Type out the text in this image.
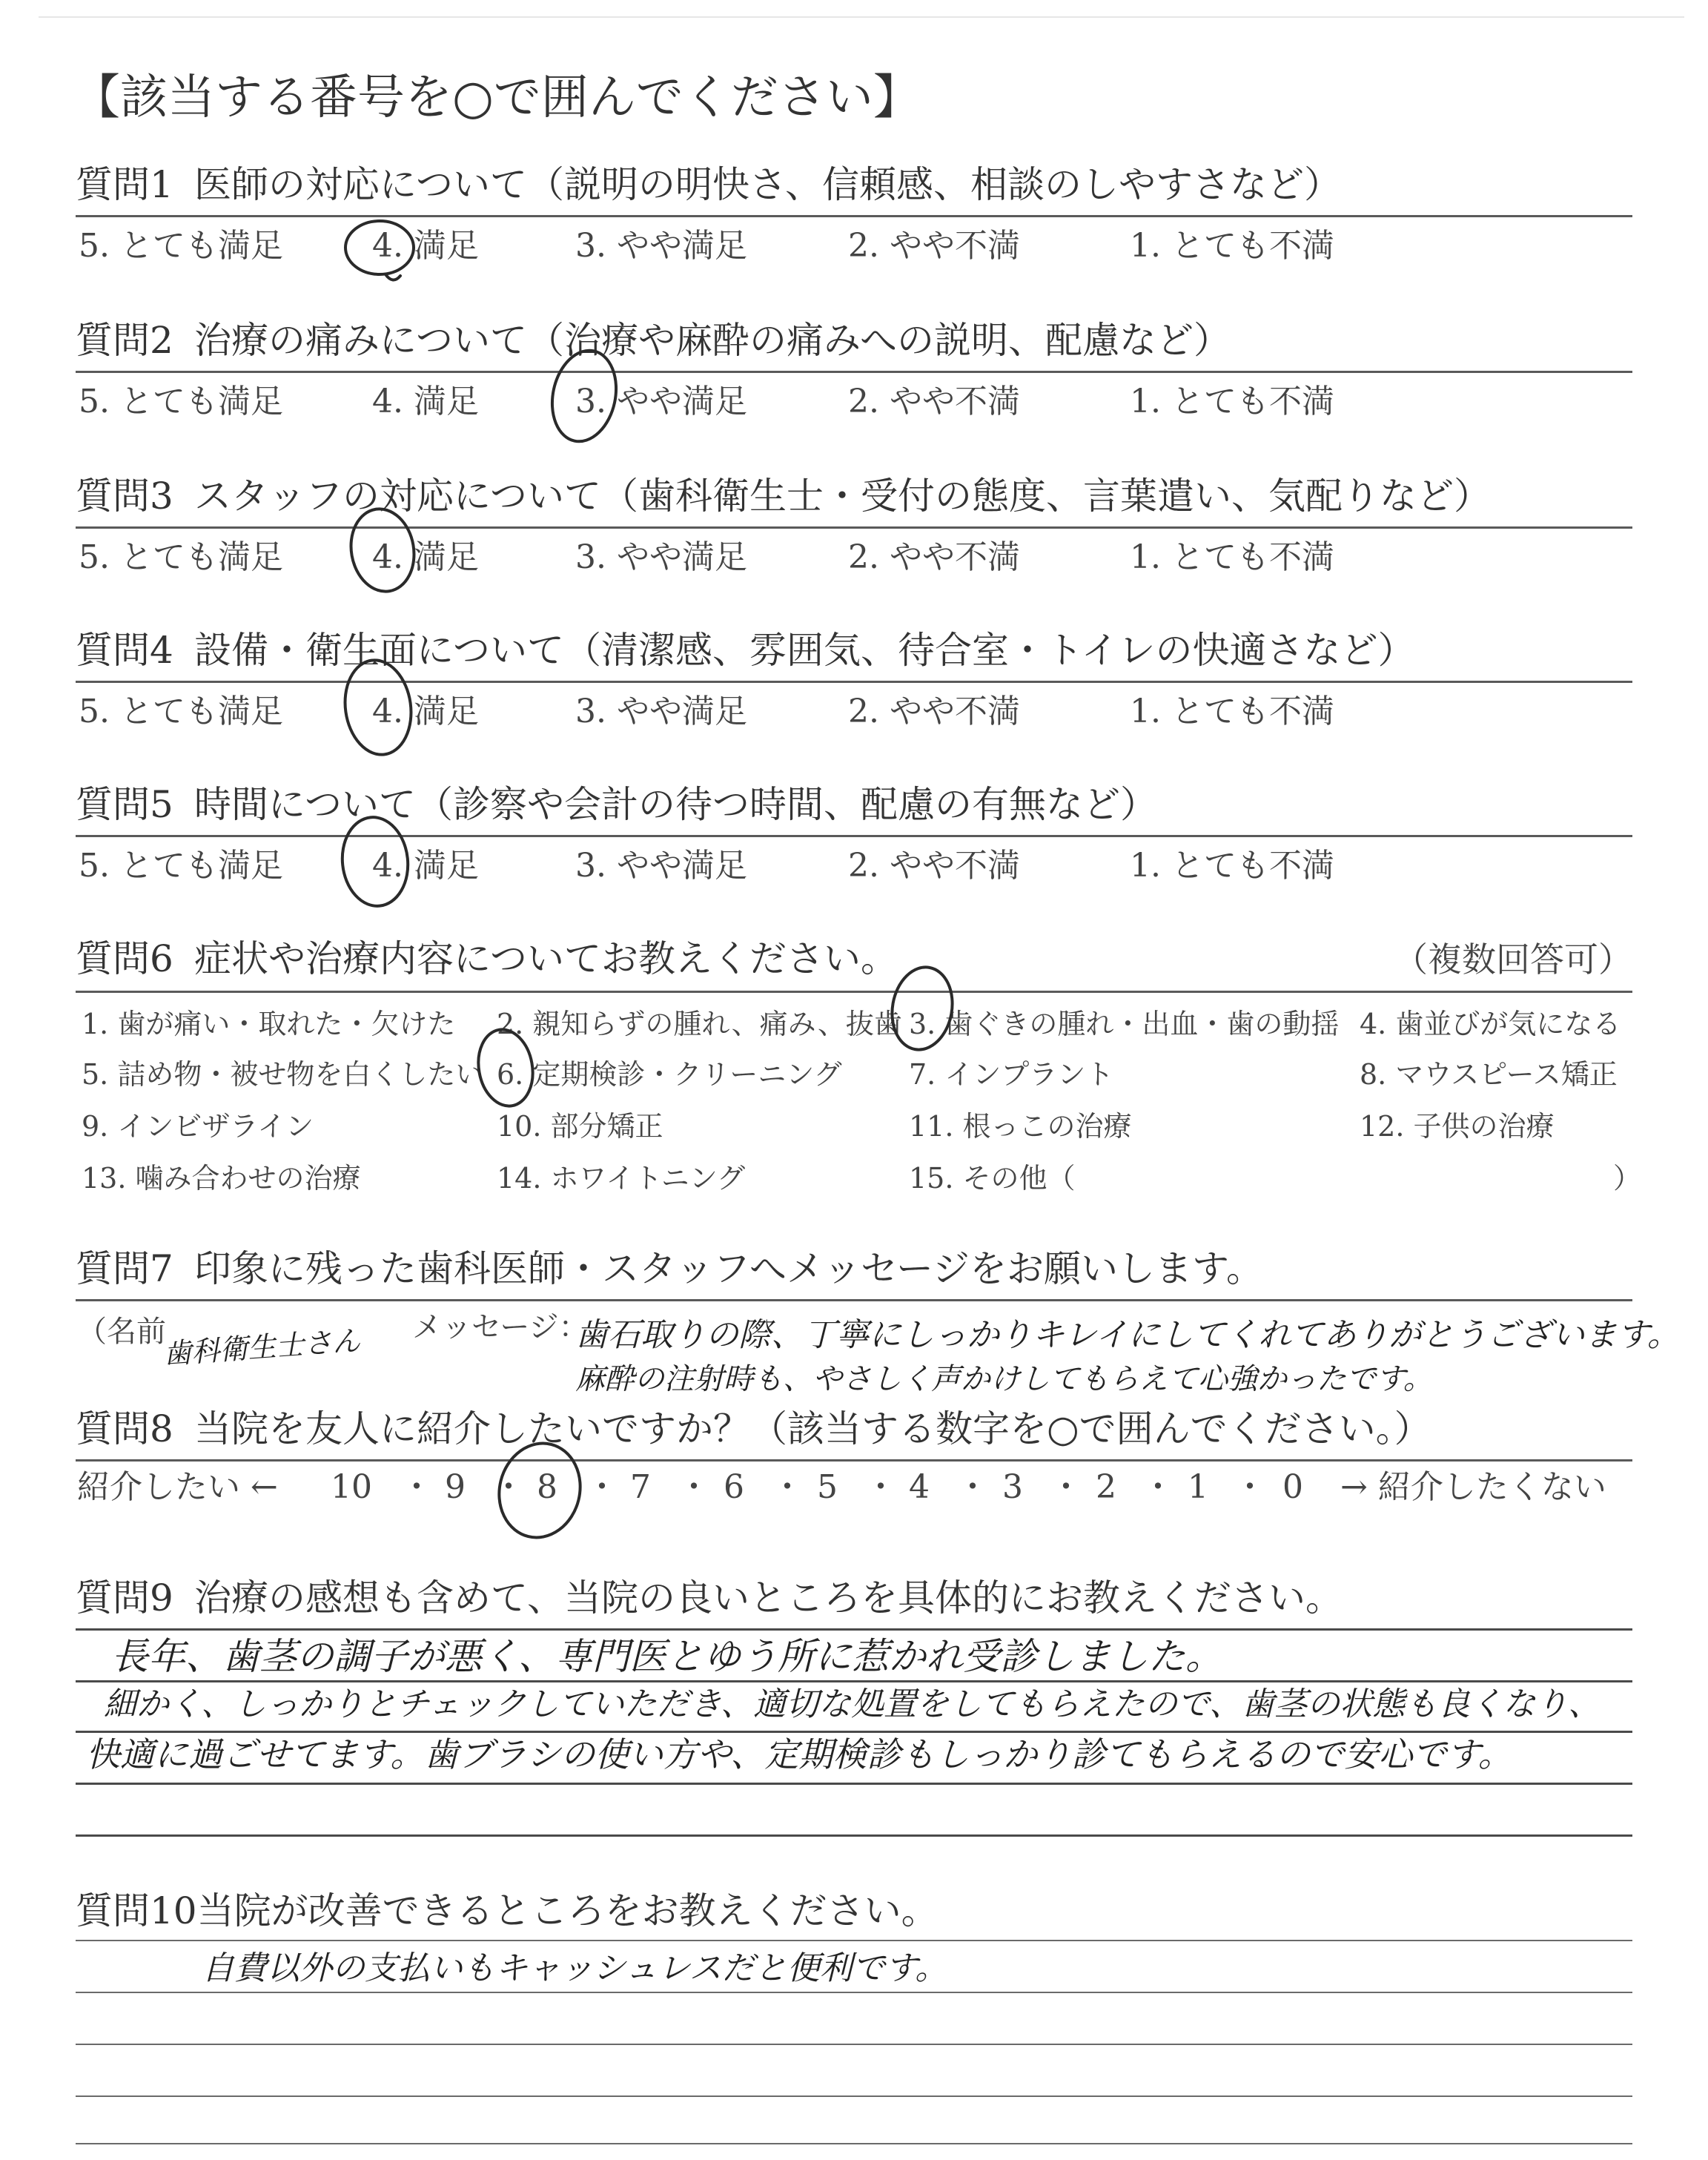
【該当する番号を○で囲んでください】
質問1 医師の対応について（説明の明快さ、信頼感、相談のしやすさなど）
5. とても満足	4. 満足	3. やや満足	2. やや不満	1. とても不満
質問2 治療の痛みについて（治療や麻酔の痛みへの説明、配慮など）
5. とても満足	4. 満足	3. やや満足	2. やや不満	1. とても不満
質問3 スタッフの対応について（歯科衛生士・受付の態度、言葉遣い、気配りなど）
5. とても満足	4. 満足	3. やや満足	2. やや不満	1. とても不満
質問4 設備・衛生面について（清潔感、雰囲気、待合室・トイレの快適さなど）
5. とても満足	4. 満足	3. やや満足	2. やや不満	1. とても不満
質問5 時間について（診察や会計の待つ時間、配慮の有無など）
5. とても満足	4. 満足	3. やや満足	2. やや不満	1. とても不満
質問6 症状や治療内容についてお教えください。	（複数回答可）
1. 歯が痛い・取れた・欠けた 2. 親知らずの腫れ、痛み、抜歯 3. 歯ぐきの腫れ・出血・歯の動揺 4. 歯並びが気になる
5. 詰め物・被せ物を白くしたい 6. 定期検診・クリーニング 7. インプラント	8. マウスピース矯正
9. インビザライン	10. 部分矯正	11. 根っこの治療	12. 子供の治療
13. 噛み合わせの治療	14. ホワイトニング	15. その他（	）
質問7 印象に残った歯科医師・スタッフへメッセージをお願いします。
（名前
歯科衛生士さん メッセージ：
歯石取りの際、丁寧にしっかりキレイにしてくれてありがとうございます。
麻酔の注射時も、やさしく声かけしてもらえて心強かったです。
質問8 当院を友人に紹介したいですか？（該当する数字を○で囲んでください。）
紹介したい ← 10 ・ 9 ・ 8 ・ 7 ・ 6 ・ 5 ・ 4 ・ 3 ・ 2 ・ 1 ・ 0 → 紹介したくない
質問9 治療の感想も含めて、当院の良いところを具体的にお教えください。
長年、歯茎の調子が悪く、専門医とゆう所に惹かれ受診しました。
細かく、しっかりとチェックしていただき、適切な処置をしてもらえたので、歯茎の状態も良くなり、
快適に過ごせてます。歯ブラシの使い方や、定期検診もしっかり診てもらえるので安心です。
質問10当院が改善できるところをお教えください。
自費以外の支払いもキャッシュレスだと便利です。
